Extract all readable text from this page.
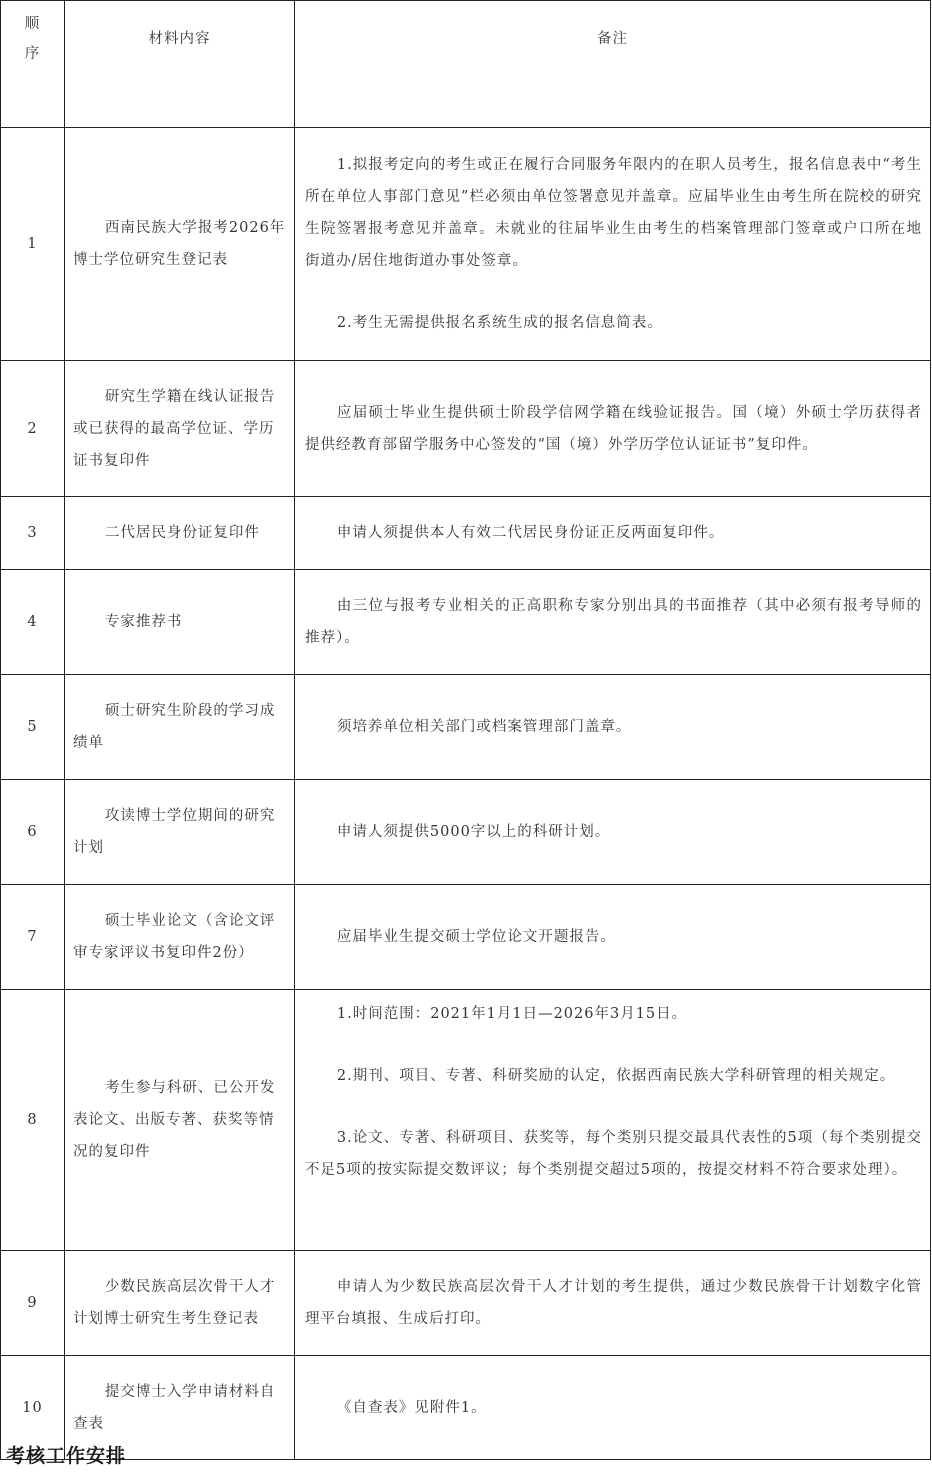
顺
序	材料内容	备注
1	西南民族大学报考2026年博士学位研究生登记表	1.拟报考定向的考生或正在履行合同服务年限内的在职人员考生，报名信息表中“考生所在单位人事部门意见”栏必须由单位签署意见并盖章。应届毕业生由考生所在院校的研究生院签署报考意见并盖章。未就业的往届毕业生由考生的档案管理部门签章或户口所在地街道办/居住地街道办事处签章。

2.考生无需提供报名系统生成的报名信息简表。

2	研究生学籍在线认证报告或已获得的最高学位证、学历证书复印件	应届硕士毕业生提供硕士阶段学信网学籍在线验证报告。国（境）外硕士学历获得者提供经教育部留学服务中心签发的“国（境）外学历学位认证证书”复印件。

3	二代居民身份证复印件	申请人须提供本人有效二代居民身份证正反两面复印件。

4	专家推荐书	由三位与报考专业相关的正高职称专家分别出具的书面推荐（其中必须有报考导师的推荐）。

5	硕士研究生阶段的学习成绩单	须培养单位相关部门或档案管理部门盖章。

6	攻读博士学位期间的研究计划	申请人须提供5000字以上的科研计划。

7	硕士毕业论文（含论文评审专家评议书复印件2份）	应届毕业生提交硕士学位论文开题报告。

8	考生参与科研、已公开发表论文、出版专著、获奖等情况的复印件	1.时间范围：2021年1月1日—2026年3月15日。

2.期刊、项目、专著、科研奖励的认定，依据西南民族大学科研管理的相关规定。

3.论文、专著、科研项目、获奖等，每个类别只提交最具代表性的5项（每个类别提交不足5项的按实际提交数评议；每个类别提交超过5项的，按提交材料不符合要求处理）。

9	少数民族高层次骨干人才计划博士研究生考生登记表	申请人为少数民族高层次骨干人才计划的考生提供，通过少数民族骨干计划数字化管理平台填报、生成后打印。

10	提交博士入学申请材料自查表	《自查表》见附件1。

考核工作安排
